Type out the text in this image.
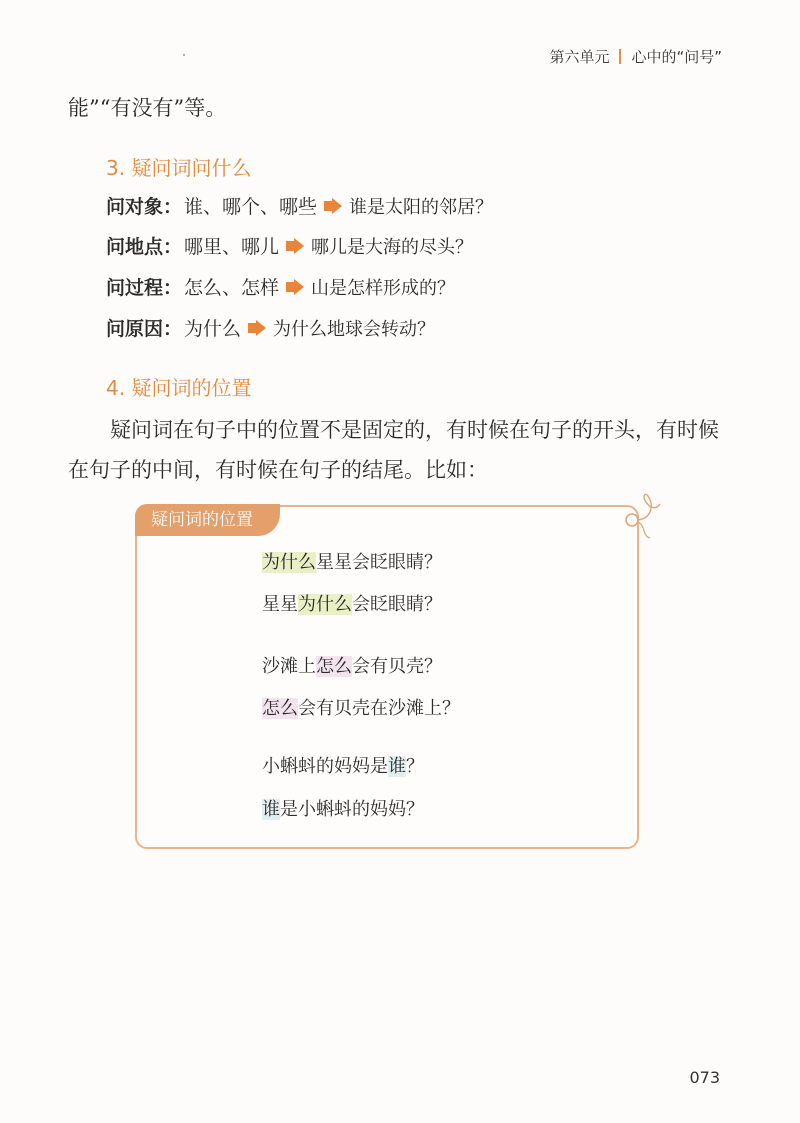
第六单元 心中的“问号”
能”“有没有”等。
3. 疑问词问什么
问对象： 谁、哪个、哪些 谁是太阳的邻居？
问地点： 哪里、哪儿 哪儿是大海的尽头？
问过程： 怎么、怎样 山是怎样形成的？
问原因： 为什么 为什么地球会转动？
4. 疑问词的位置
疑问词在句子中的位置不是固定的，有时候在句子的开头，有时候在句子的中间，有时候在句子的结尾。比如：
疑问词的位置
为什么星星会眨眼睛？
星星为什么会眨眼睛？
沙滩上怎么会有贝壳？
怎么会有贝壳在沙滩上？
小蝌蚪的妈妈是谁？
谁是小蝌蚪的妈妈？
073
